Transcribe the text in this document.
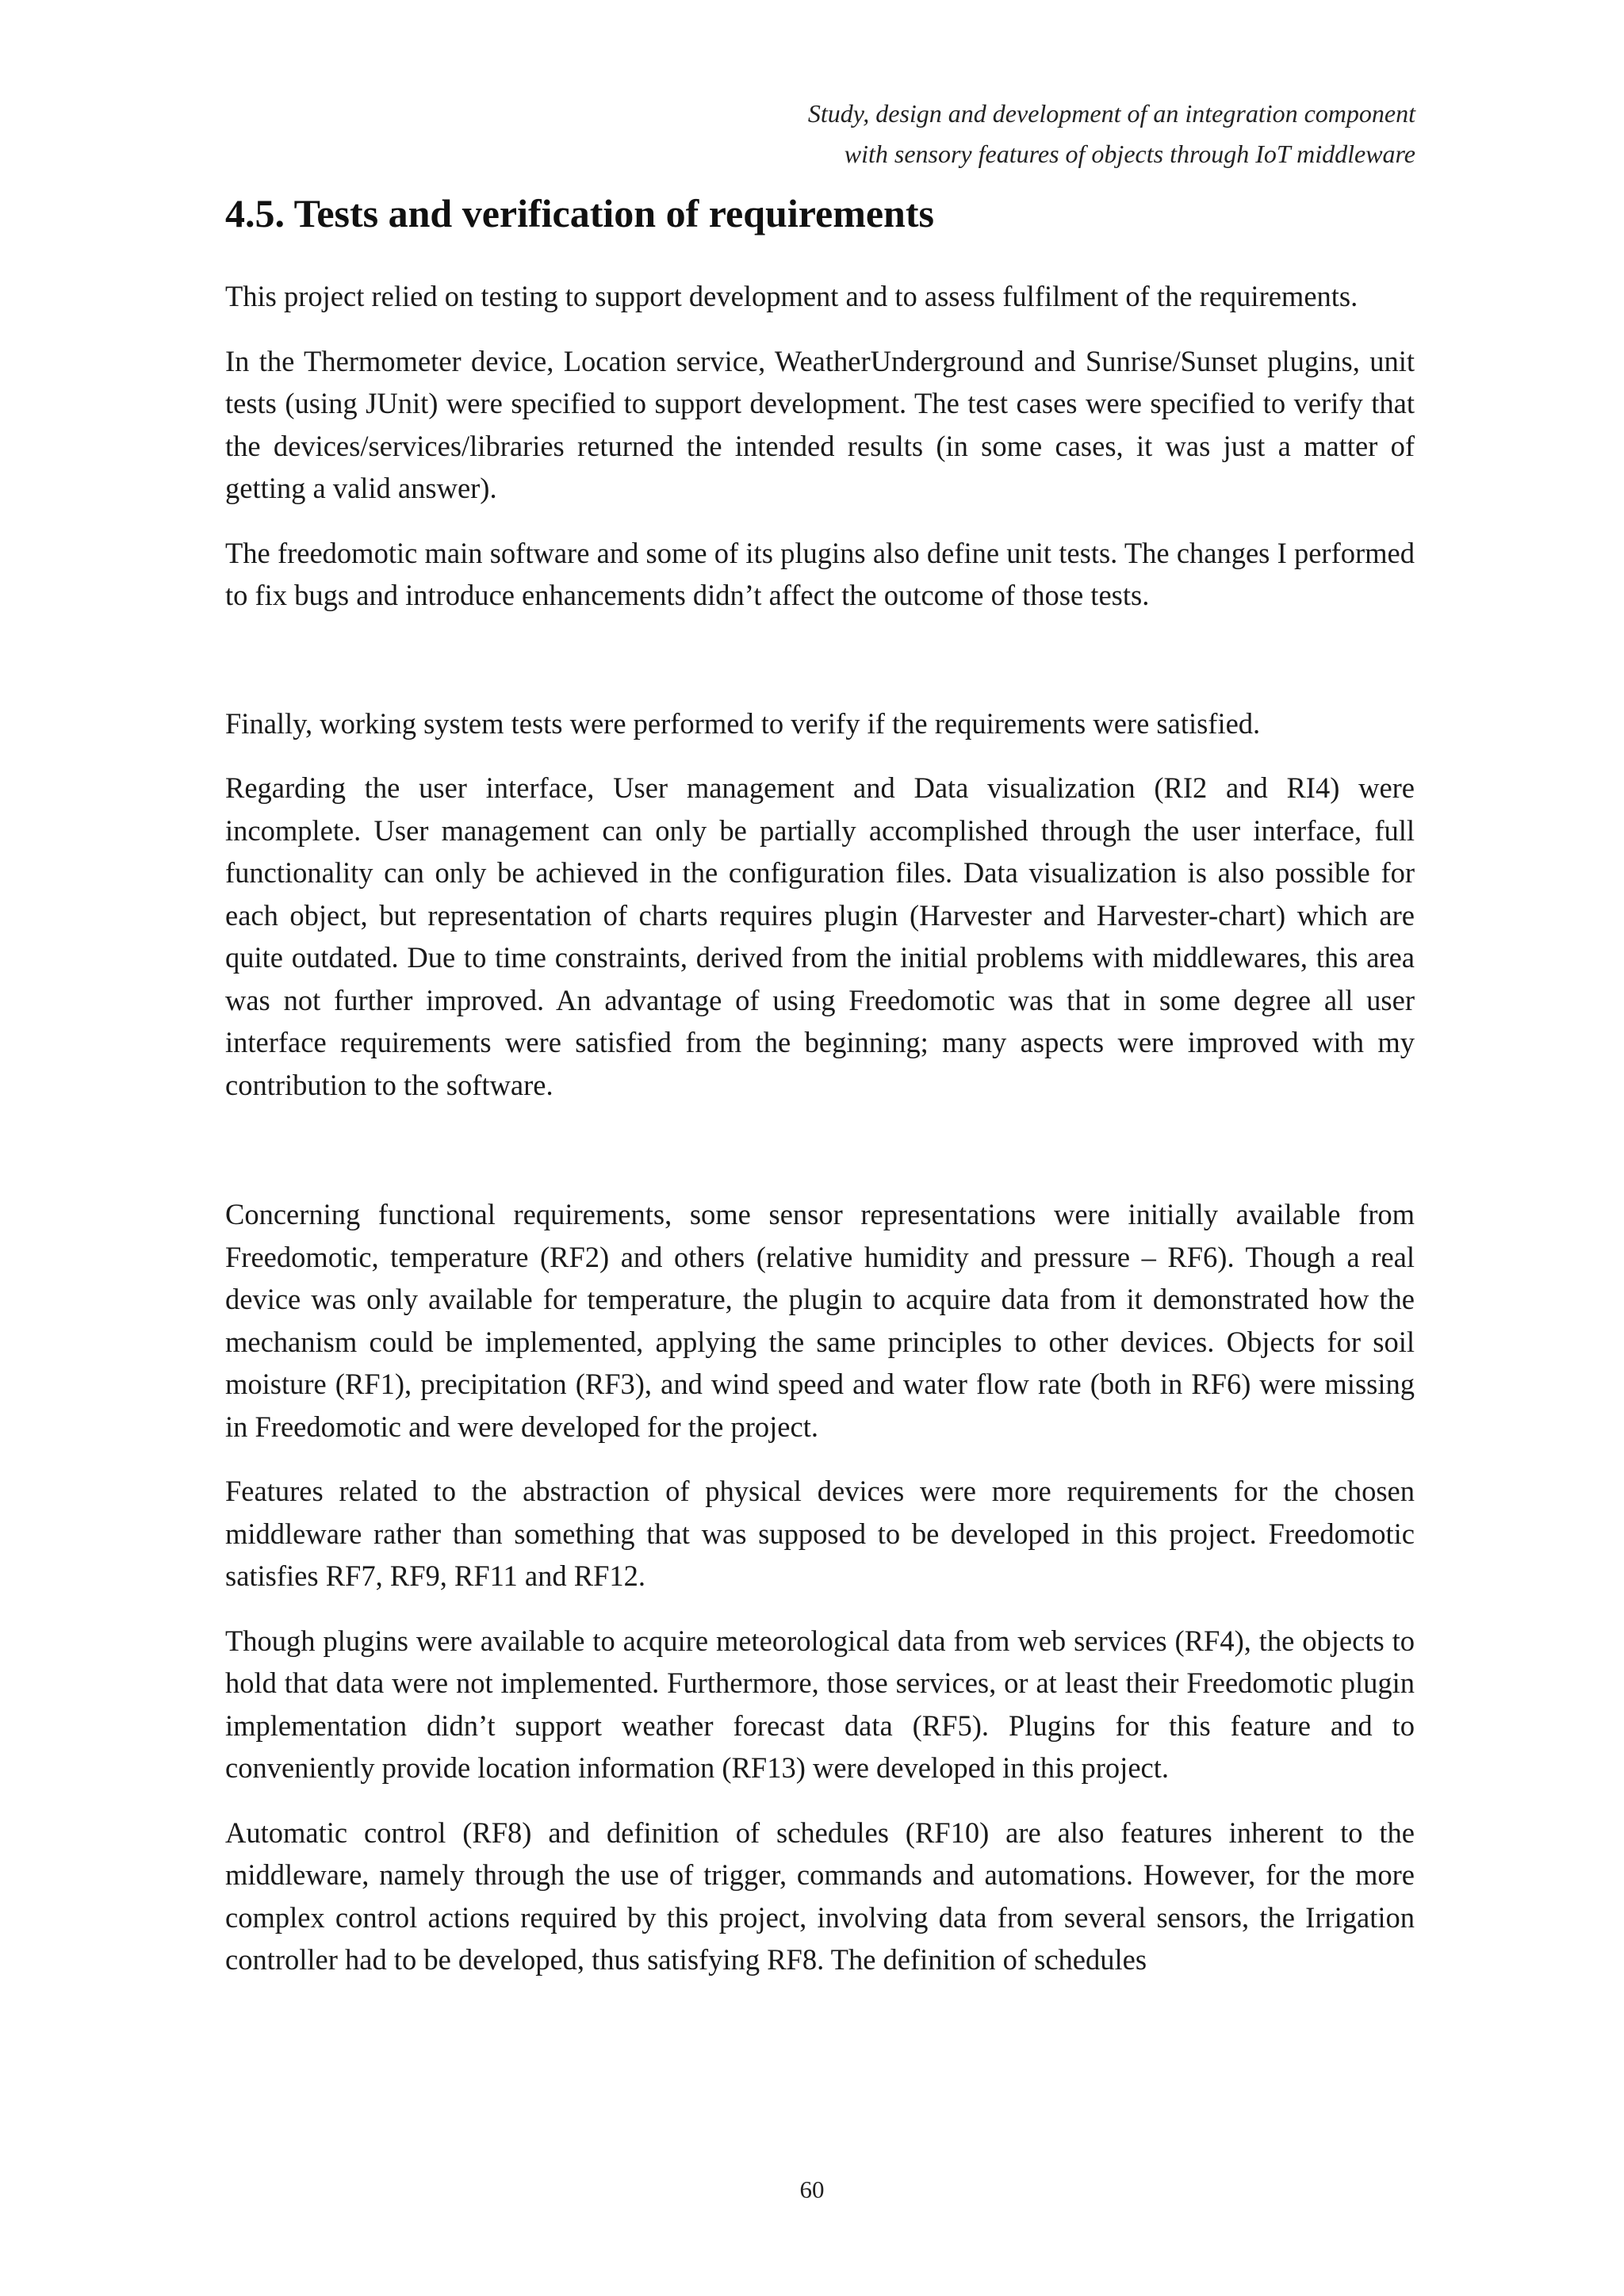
Study, design and development of an integration component
with sensory features of objects through IoT middleware
4.5. Tests and verification of requirements

This project relied on testing to support development and to assess fulfilment of the requirements.

In the Thermometer device, Location service, WeatherUnderground and Sunrise/Sunset plugins, unit tests (using JUnit) were specified to support development. The test cases were specified to verify that the devices/services/libraries returned the intended results (in some cases, it was just a matter of getting a valid answer).

The freedomotic main software and some of its plugins also define unit tests. The changes I performed to fix bugs and introduce enhancements didn’t affect the outcome of those tests.

Finally, working system tests were performed to verify if the requirements were satisfied.

Regarding the user interface, User management and Data visualization (RI2 and RI4) were incomplete. User management can only be partially accomplished through the user interface, full functionality can only be achieved in the configuration files. Data visualization is also possible for each object, but representation of charts requires plugin (Harvester and Harvester-chart) which are quite outdated. Due to time constraints, derived from the initial problems with middlewares, this area was not further improved. An advantage of using Freedomotic was that in some degree all user interface requirements were satisfied from the beginning; many aspects were improved with my contribution to the software.

Concerning functional requirements, some sensor representations were initially available from Freedomotic, temperature (RF2) and others (relative humidity and pressure – RF6). Though a real device was only available for temperature, the plugin to acquire data from it demonstrated how the mechanism could be implemented, applying the same principles to other devices. Objects for soil moisture (RF1), precipitation (RF3), and wind speed and water flow rate (both in RF6) were missing in Freedomotic and were developed for the project.

Features related to the abstraction of physical devices were more requirements for the chosen middleware rather than something that was supposed to be developed in this project. Freedomotic satisfies RF7, RF9, RF11 and RF12.

Though plugins were available to acquire meteorological data from web services (RF4), the objects to hold that data were not implemented. Furthermore, those services, or at least their Freedomotic plugin implementation didn’t support weather forecast data (RF5). Plugins for this feature and to conveniently provide location information (RF13) were developed in this project.

Automatic control (RF8) and definition of schedules (RF10) are also features inherent to the middleware, namely through the use of trigger, commands and automations. However, for the more complex control actions required by this project, involving data from several sensors, the Irrigation controller had to be developed, thus satisfying RF8. The definition of schedules

60
